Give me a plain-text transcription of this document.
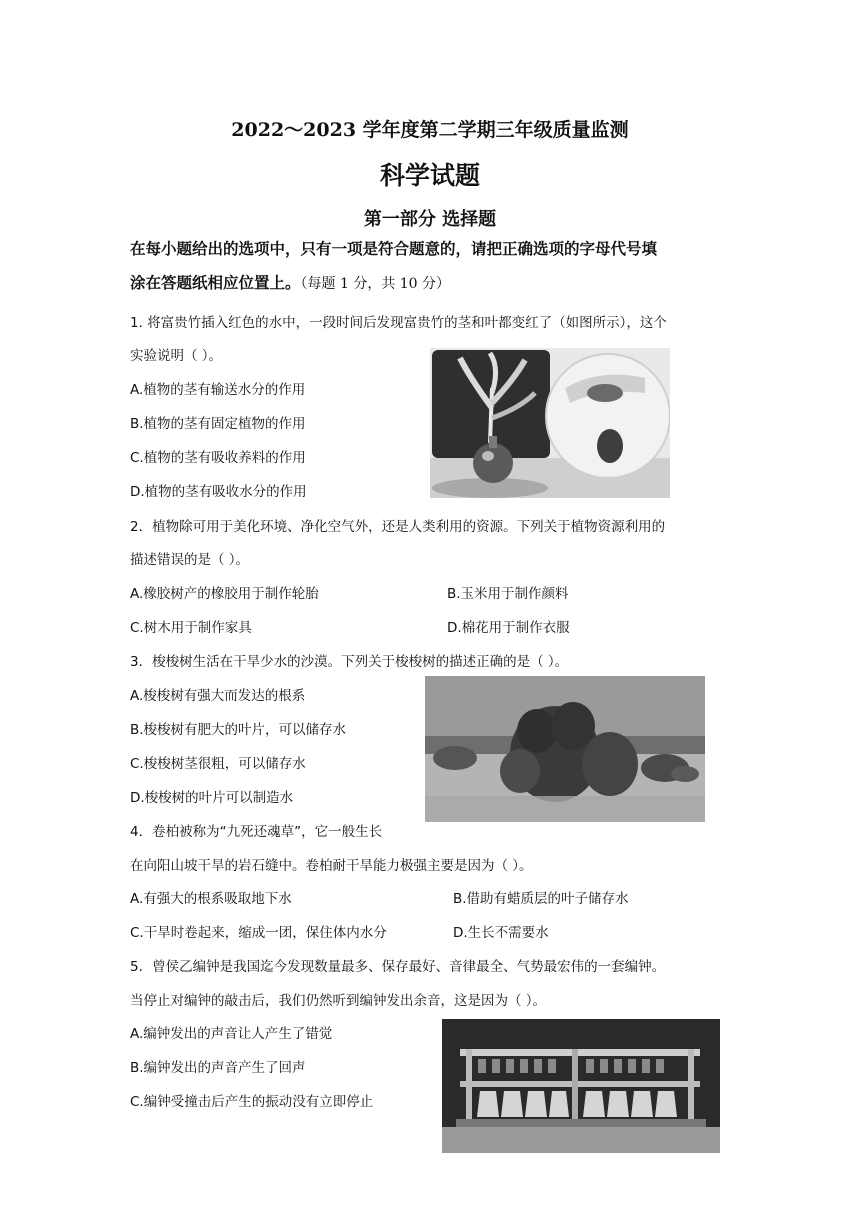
2022～2023 学年度第二学期三年级质量监测
科学试题
第一部分 选择题
在每小题给出的选项中，只有一项是符合题意的，请把正确选项的字母代号填
涂在答题纸相应位置上。（每题 1 分，共 10 分）
1. 将富贵竹插入红色的水中，一段时间后发现富贵竹的茎和叶都变红了（如图所示），这个
实验说明（ ）。
A.植物的茎有输送水分的作用
B.植物的茎有固定植物的作用
C.植物的茎有吸收养料的作用
D.植物的茎有吸收水分的作用
2．植物除可用于美化环境、净化空气外，还是人类利用的资源。下列关于植物资源利用的
描述错误的是（ ）。
A.橡胶树产的橡胶用于制作轮胎	B.玉米用于制作颜料
C.树木用于制作家具	D.棉花用于制作衣服
3．梭梭树生活在干旱少水的沙漠。下列关于梭梭树的描述正确的是（ ）。
A.梭梭树有强大而发达的根系
B.梭梭树有肥大的叶片，可以储存水
C.梭梭树茎很粗，可以储存水
D.梭梭树的叶片可以制造水
4．卷柏被称为“九死还魂草”，它一般生长
在向阳山坡干旱的岩石缝中。卷柏耐干旱能力极强主要是因为（ ）。
A.有强大的根系吸取地下水	B.借助有蜡质层的叶子储存水
C.干旱时卷起来，缩成一团，保住体内水分	D.生长不需要水
5．曾侯乙编钟是我国迄今发现数量最多、保存最好、音律最全、气势最宏伟的一套编钟。
当停止对编钟的敲击后，我们仍然听到编钟发出余音，这是因为（ ）。
A.编钟发出的声音让人产生了错觉
B.编钟发出的声音产生了回声
C.编钟受撞击后产生的振动没有立即停止
